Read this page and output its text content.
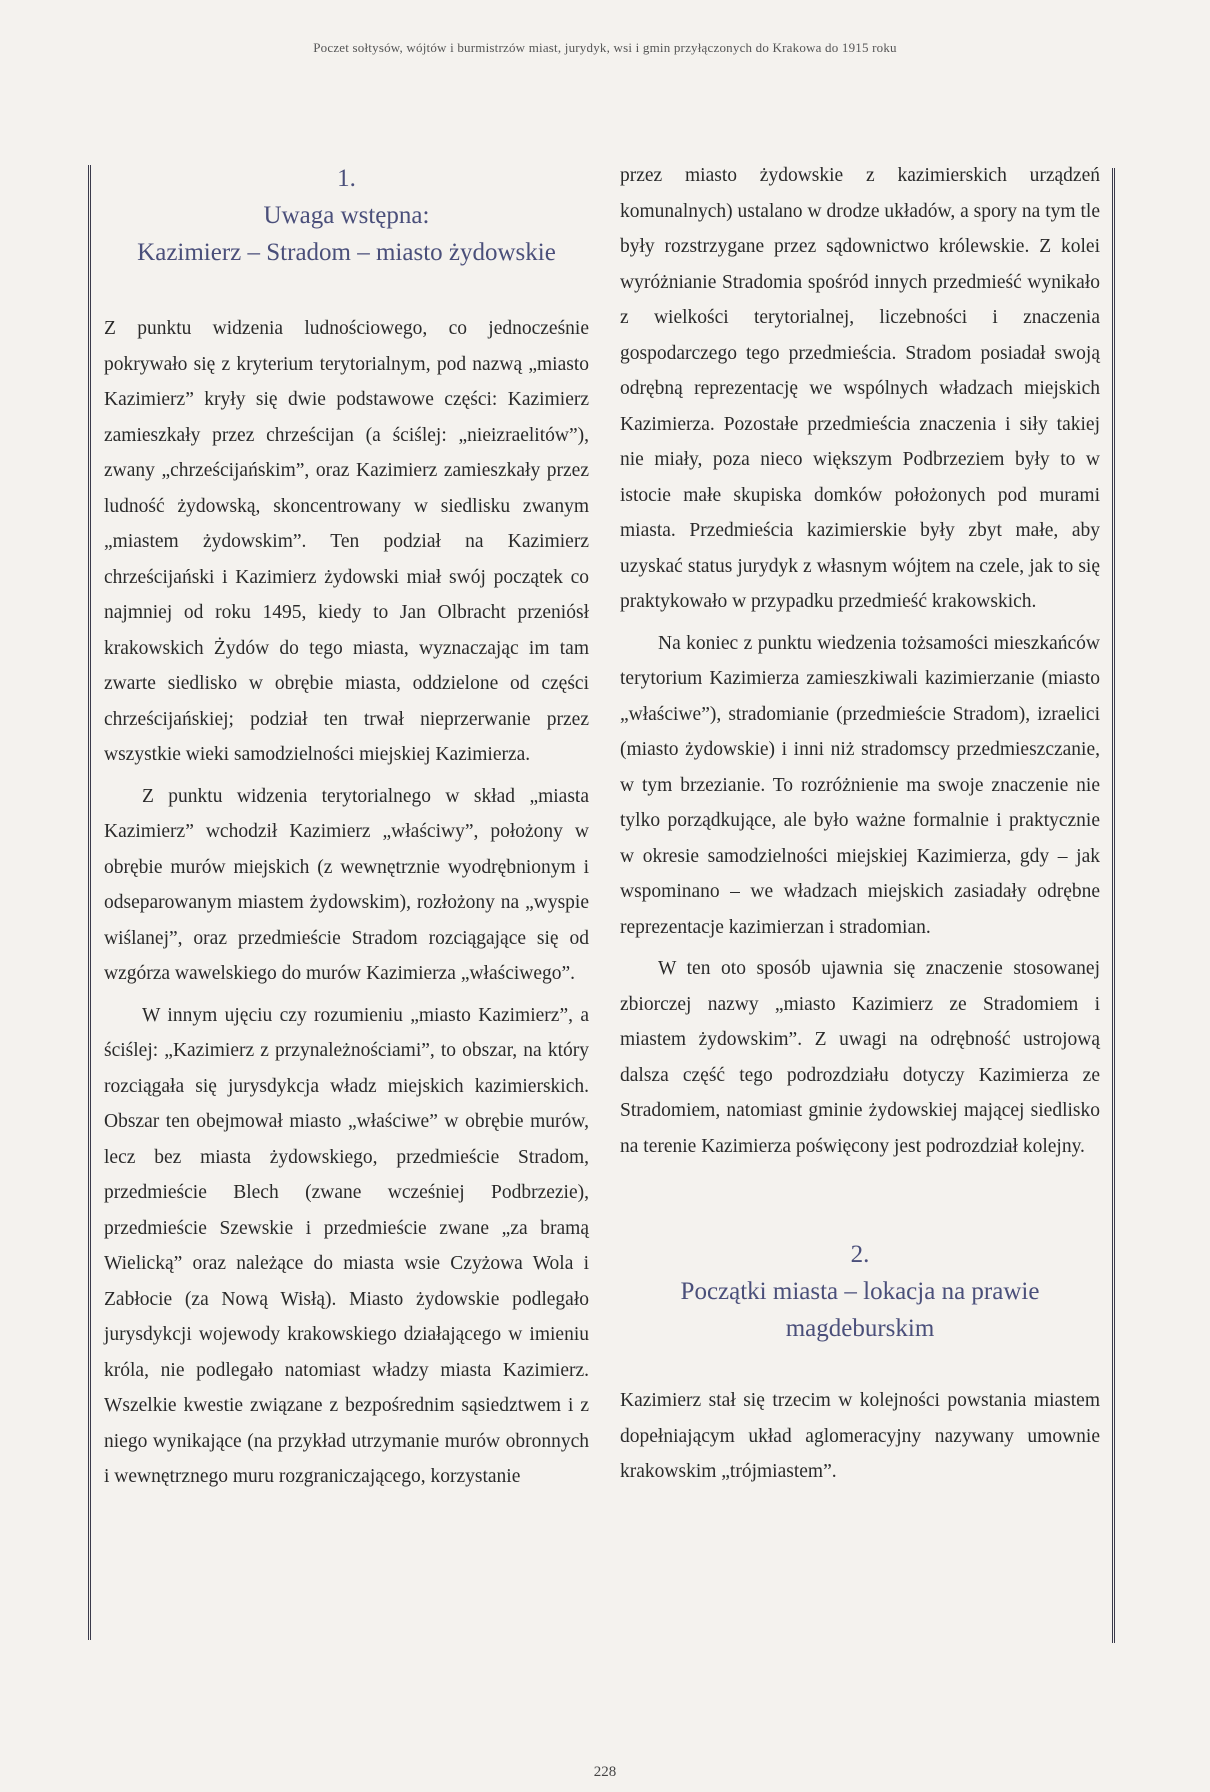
Poczet sołtysów, wójtów i burmistrzów miast, jurydyk, wsi i gmin przyłączonych do Krakowa do 1915 roku
1.
Uwaga wstępna:
Kazimierz – Stradom – miasto żydowskie

Z punktu widzenia ludnościowego, co jednocześnie pokrywało się z kryterium terytorialnym, pod nazwą „miasto Kazimierz” kryły się dwie podstawowe części: Kazimierz zamieszkały przez chrześcijan (a ściślej: „nieizraelitów”), zwany „chrześcijańskim”, oraz Kazimierz zamieszkały przez ludność żydowską, skoncentrowany w siedlisku zwanym „miastem żydowskim”. Ten podział na Kazimierz chrześcijański i Kazimierz żydowski miał swój początek co najmniej od roku 1495, kiedy to Jan Olbracht przeniósł krakowskich Żydów do tego miasta, wyznaczając im tam zwarte siedlisko w obrębie miasta, oddzielone od części chrześcijańskiej; podział ten trwał nieprzerwanie przez wszystkie wieki samodzielności miejskiej Kazimierza.

Z punktu widzenia terytorialnego w skład „miasta Kazimierz” wchodził Kazimierz „właściwy”, położony w obrębie murów miejskich (z wewnętrznie wyodrębnionym i odseparowanym miastem żydowskim), rozłożony na „wyspie wiślanej”, oraz przedmieście Stradom rozciągające się od wzgórza wawelskiego do murów Kazimierza „właściwego”.

W innym ujęciu czy rozumieniu „miasto Kazimierz”, a ściślej: „Kazimierz z przynależnościami”, to obszar, na który rozciągała się jurysdykcja władz miejskich kazimierskich. Obszar ten obejmował miasto „właściwe” w obrębie murów, lecz bez miasta żydowskiego, przedmieście Stradom, przedmieście Blech (zwane wcześniej Podbrzezie), przedmieście Szewskie i przedmieście zwane „za bramą Wielicką” oraz należące do miasta wsie Czyżowa Wola i Zabłocie (za Nową Wisłą). Miasto żydowskie podlegało jurysdykcji wojewody krakowskiego działającego w imieniu króla, nie podlegało natomiast władzy miasta Kazimierz. Wszelkie kwestie związane z bezpośrednim sąsiedztwem i z niego wynikające (na przykład utrzymanie murów obronnych i wewnętrznego muru rozgraniczającego, korzystanie

przez miasto żydowskie z kazimierskich urządzeń komunalnych) ustalano w drodze układów, a spory na tym tle były rozstrzygane przez sądownictwo królewskie. Z kolei wyróżnianie Stradomia spośród innych przedmieść wynikało z wielkości terytorialnej, liczebności i znaczenia gospodarczego tego przedmieścia. Stradom posiadał swoją odrębną reprezentację we wspólnych władzach miejskich Kazimierza. Pozostałe przedmieścia znaczenia i siły takiej nie miały, poza nieco większym Podbrzeziem były to w istocie małe skupiska domków położonych pod murami miasta. Przedmieścia kazimierskie były zbyt małe, aby uzyskać status jurydyk z własnym wójtem na czele, jak to się praktykowało w przypadku przedmieść krakowskich.

Na koniec z punktu wiedzenia tożsamości mieszkańców terytorium Kazimierza zamieszkiwali kazimierzanie (miasto „właściwe”), stradomianie (przedmieście Stradom), izraelici (miasto żydowskie) i inni niż stradomscy przedmieszczanie, w tym brzezianie. To rozróżnienie ma swoje znaczenie nie tylko porządkujące, ale było ważne formalnie i praktycznie w okresie samodzielności miejskiej Kazimierza, gdy – jak wspominano – we władzach miejskich zasiadały odrębne reprezentacje kazimierzan i stradomian.

W ten oto sposób ujawnia się znaczenie stosowanej zbiorczej nazwy „miasto Kazimierz ze Stradomiem i miastem żydowskim”. Z uwagi na odrębność ustrojową dalsza część tego podrozdziału dotyczy Kazimierza ze Stradomiem, natomiast gminie żydowskiej mającej siedlisko na terenie Kazimierza poświęcony jest podrozdział kolejny.

2.
Początki miasta – lokacja na prawie
magdeburskim

Kazimierz stał się trzecim w kolejności powstania miastem dopełniającym układ aglomeracyjny nazywany umownie krakowskim „trójmiastem”.

228
